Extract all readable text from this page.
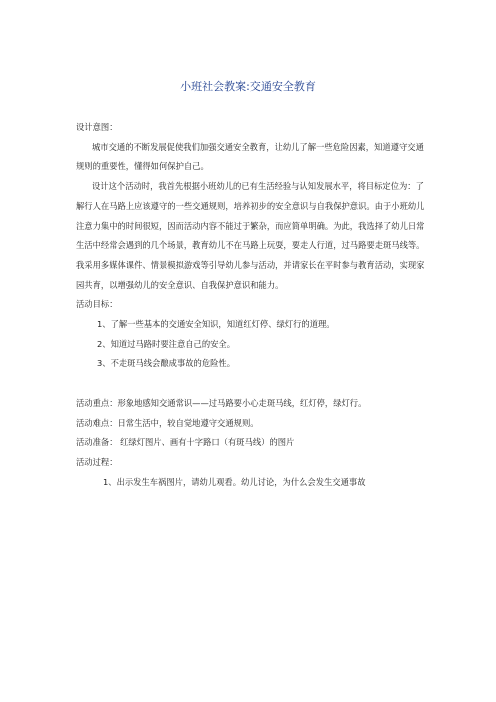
小班社会教案:交通安全教育

设计意图：

城市交通的不断发展促使我们加强交通安全教育，让幼儿了解一些危险因素，知道遵守交通规则的重要性，懂得如何保护自己。

设计这个活动时，我首先根据小班幼儿的已有生活经验与认知发展水平，将目标定位为：了解行人在马路上应该遵守的一些交通规则，培养初步的安全意识与自我保护意识。由于小班幼儿注意力集中的时间很短，因而活动内容不能过于繁杂，而应简单明确。为此，我选择了幼儿日常生活中经常会遇到的几个场景，教育幼儿不在马路上玩耍，要走人行道，过马路要走斑马线等。我采用多媒体课件、情景模拟游戏等引导幼儿参与活动，并请家长在平时参与教育活动，实现家园共育，以增强幼儿的安全意识、自我保护意识和能力。

活动目标：

1、了解一些基本的交通安全知识，知道红灯停、绿灯行的道理。

2、知道过马路时要注意自己的安全。

3、不走斑马线会酿成事故的危险性。

活动重点：形象地感知交通常识——过马路要小心走斑马线，红灯停，绿灯行。

活动难点：日常生活中，较自觉地遵守交通规则。

活动准备： 红绿灯图片、画有十字路口（有斑马线）的图片

活动过程：

1、出示发生车祸图片，请幼儿观看。幼儿讨论，为什么会发生交通事故
